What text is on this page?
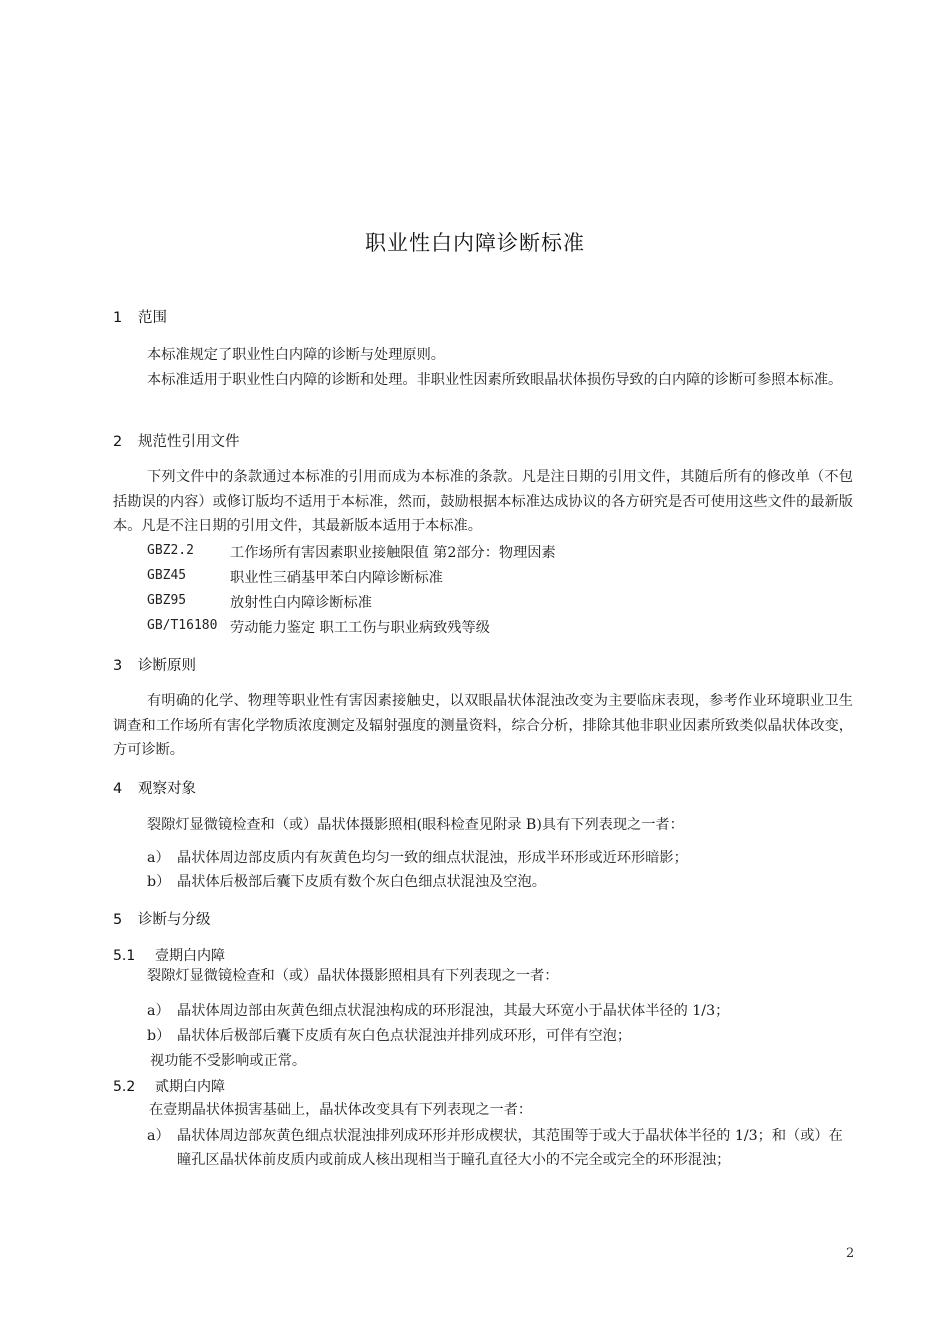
职业性白内障诊断标准
1 范围
本标准规定了职业性白内障的诊断与处理原则。
本标准适用于职业性白内障的诊断和处理。非职业性因素所致眼晶状体损伤导致的白内障的诊断可参照本标准。
2 规范性引用文件
下列文件中的条款通过本标准的引用而成为本标准的条款。凡是注日期的引用文件，其随后所有的修改单（不包括勘误的内容）或修订版均不适用于本标准，然而，鼓励根据本标准达成协议的各方研究是否可使用这些文件的最新版本。凡是不注日期的引用文件，其最新版本适用于本标准。
GBZ2.2	工作场所有害因素职业接触限值 第2部分：物理因素
GBZ45	职业性三硝基甲苯白内障诊断标准
GBZ95	放射性白内障诊断标准
GB/T16180 劳动能力鉴定 职工工伤与职业病致残等级
3 诊断原则
有明确的化学、物理等职业性有害因素接触史，以双眼晶状体混浊改变为主要临床表现，参考作业环境职业卫生调查和工作场所有害化学物质浓度测定及辐射强度的测量资料，综合分析，排除其他非职业因素所致类似晶状体改变，方可诊断。
4 观察对象
裂隙灯显微镜检查和（或）晶状体摄影照相(眼科检查见附录 B)具有下列表现之一者：
a） 晶状体周边部皮质内有灰黄色均匀一致的细点状混浊，形成半环形或近环形暗影；
b） 晶状体后极部后囊下皮质有数个灰白色细点状混浊及空泡。
5 诊断与分级
5.1 壹期白内障
裂隙灯显微镜检查和（或）晶状体摄影照相具有下列表现之一者：
a） 晶状体周边部由灰黄色细点状混浊构成的环形混浊，其最大环宽小于晶状体半径的 1/3；
b） 晶状体后极部后囊下皮质有灰白色点状混浊并排列成环形，可伴有空泡；
视功能不受影响或正常。
5.2 贰期白内障
在壹期晶状体损害基础上，晶状体改变具有下列表现之一者：
a） 晶状体周边部灰黄色细点状混浊排列成环形并形成楔状，其范围等于或大于晶状体半径的 1/3；和（或）在瞳孔区晶状体前皮质内或前成人核出现相当于瞳孔直径大小的不完全或完全的环形混浊；
2
